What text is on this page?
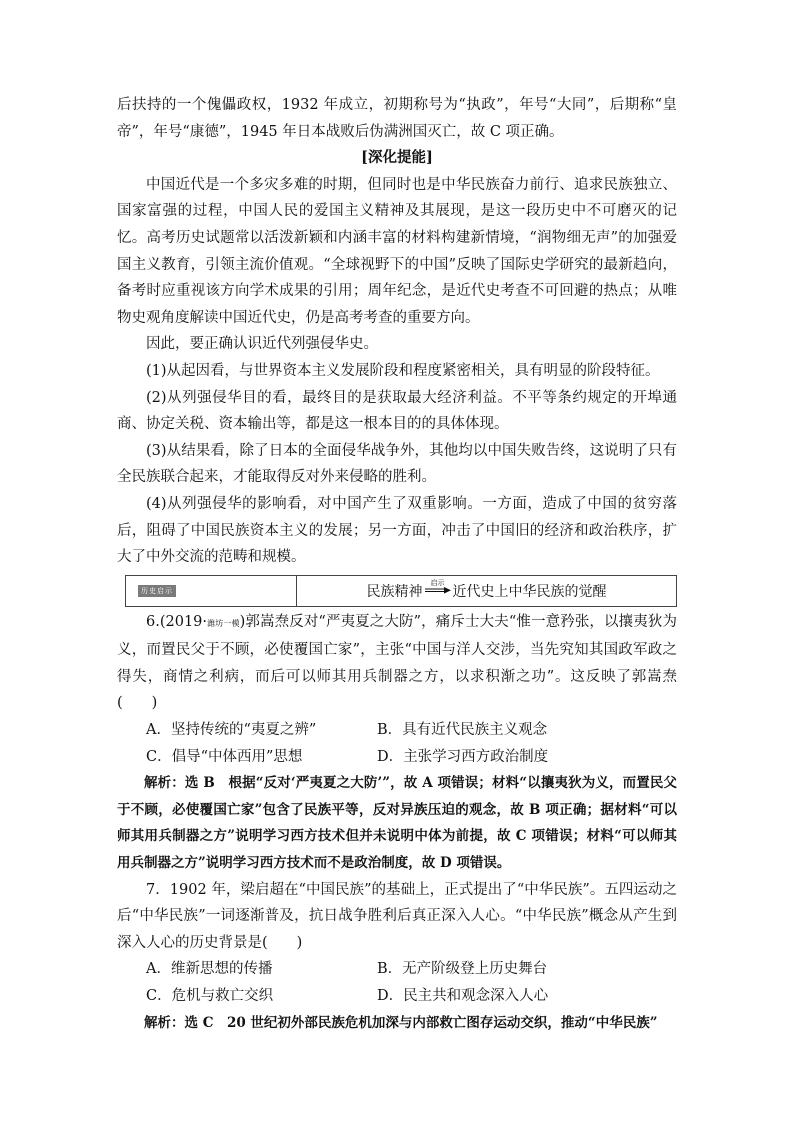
后扶持的一个傀儡政权，1932 年成立，初期称号为“执政”，年号“大同”，后期称“皇帝”，年号“康德”，1945 年日本战败后伪满洲国灭亡，故 C 项正确。

[深化提能]

中国近代是一个多灾多难的时期，但同时也是中华民族奋力前行、追求民族独立、国家富强的过程，中国人民的爱国主义精神及其展现，是这一段历史中不可磨灭的记忆。高考历史试题常以活泼新颖和内涵丰富的材料构建新情境，“润物细无声”的加强爱国主义教育，引领主流价值观。“全球视野下的中国”反映了国际史学研究的最新趋向，备考时应重视该方向学术成果的引用；周年纪念，是近代史考查不可回避的热点；从唯物史观角度解读中国近代史，仍是高考考查的重要方向。

因此，要正确认识近代列强侵华史。

(1)从起因看，与世界资本主义发展阶段和程度紧密相关，具有明显的阶段特征。

(2)从列强侵华目的看，最终目的是获取最大经济利益。不平等条约规定的开埠通商、协定关税、资本输出等，都是这一根本目的的具体体现。

(3)从结果看，除了日本的全面侵华战争外，其他均以中国失败告终，这说明了只有全民族联合起来，才能取得反对外来侵略的胜利。

(4)从列强侵华的影响看，对中国产生了双重影响。一方面，造成了中国的贫穷落后，阻碍了中国民族资本主义的发展；另一方面，冲击了中国旧的经济和政治秩序，扩大了中外交流的范畴和规模。

历史启示	民族精神
启示
近代史上中华民族的觉醒

6.(2019·潍坊一模)郭嵩焘反对“严夷夏之大防”，痛斥士大夫“惟一意矜张，以攘夷狄为义，而置民父于不顾，必使覆国亡家”，主张“中国与洋人交涉，当先究知其国政军政之得失，商情之利病，而后可以师其用兵制器之方，以求积渐之功”。这反映了郭嵩焘(　　)

A．坚持传统的“夷夏之辨”	B．具有近代民族主义观念
C．倡导“中体西用”思想	D．主张学习西方政治制度

解析：选 B　根据“反对‘严夷夏之大防’”，故 A 项错误；材料“以攘夷狄为义，而置民父于不顾，必使覆国亡家”包含了民族平等，反对异族压迫的观念，故 B 项正确；据材料“可以师其用兵制器之方”说明学习西方技术但并未说明中体为前提，故 C 项错误；材料“可以师其用兵制器之方”说明学习西方技术而不是政治制度，故 D 项错误。

7．1902 年，梁启超在“中国民族”的基础上，正式提出了“中华民族”。五四运动之后“中华民族”一词逐渐普及，抗日战争胜利后真正深入人心。“中华民族”概念从产生到深入人心的历史背景是(　　)

A．维新思想的传播	B．无产阶级登上历史舞台
C．危机与救亡交织	D．民主共和观念深入人心

解析：选 C　20 世纪初外部民族危机加深与内部救亡图存运动交织，推动“中华民族”
